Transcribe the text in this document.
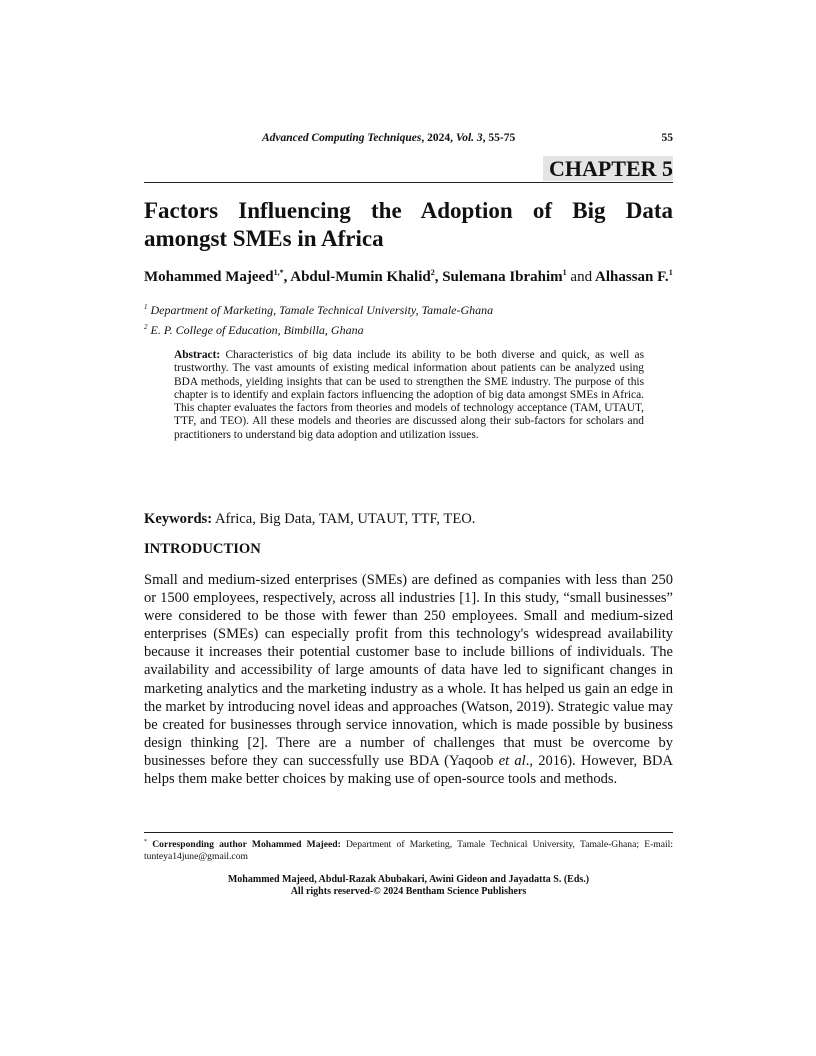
Advanced Computing Techniques, 2024, Vol. 3, 55-75	55
CHAPTER 5
Factors Influencing the Adoption of Big Data amongst SMEs in Africa

Mohammed Majeed$^{1,*}$, Abdul-Mumin Khalid$^2$, Sulemana Ibrahim$^1$ and Alhassan F.$^1$

$^1$ Department of Marketing, Tamale Technical University, Tamale-Ghana

$^2$ E. P. College of Education, Bimbilla, Ghana

Abstract: Characteristics of big data include its ability to be both diverse and quick, as well as trustworthy. The vast amounts of existing medical information about patients can be analyzed using BDA methods, yielding insights that can be used to strengthen the SME industry. The purpose of this chapter is to identify and explain factors influencing the adoption of big data amongst SMEs in Africa. This chapter evaluates the factors from theories and models of technology acceptance (TAM, UTAUT, TTF, and TEO). All these models and theories are discussed along their sub-factors for scholars and practitioners to understand big data adoption and utilization issues.

Keywords: Africa, Big Data, TAM, UTAUT, TTF, TEO.

INTRODUCTION

Small and medium-sized enterprises (SMEs) are defined as companies with less than 250 or 1500 employees, respectively, across all industries [1]. In this study, “small businesses” were considered to be those with fewer than 250 employees. Small and medium-sized enterprises (SMEs) can especially profit from this technology's widespread availability because it increases their potential customer base to include billions of individuals. The availability and accessibility of large amounts of data have led to significant changes in marketing analytics and the marketing industry as a whole. It has helped us gain an edge in the market by introducing novel ideas and approaches (Watson, 2019). Strategic value may be created for businesses through service innovation, which is made possible by business design thinking [2]. There are a number of challenges that must be overcome by businesses before they can successfully use BDA (Yaqoob et al., 2016). However, BDA helps them make better choices by making use of open-source tools and methods.

* Corresponding author Mohammed Majeed: Department of Marketing, Tamale Technical University, Tamale-Ghana; E-mail: tunteya14june@gmail.com

Mohammed Majeed, Abdul-Razak Abubakari, Awini Gideon and Jayadatta S. (Eds.)
All rights reserved-© 2024 Bentham Science Publishers
